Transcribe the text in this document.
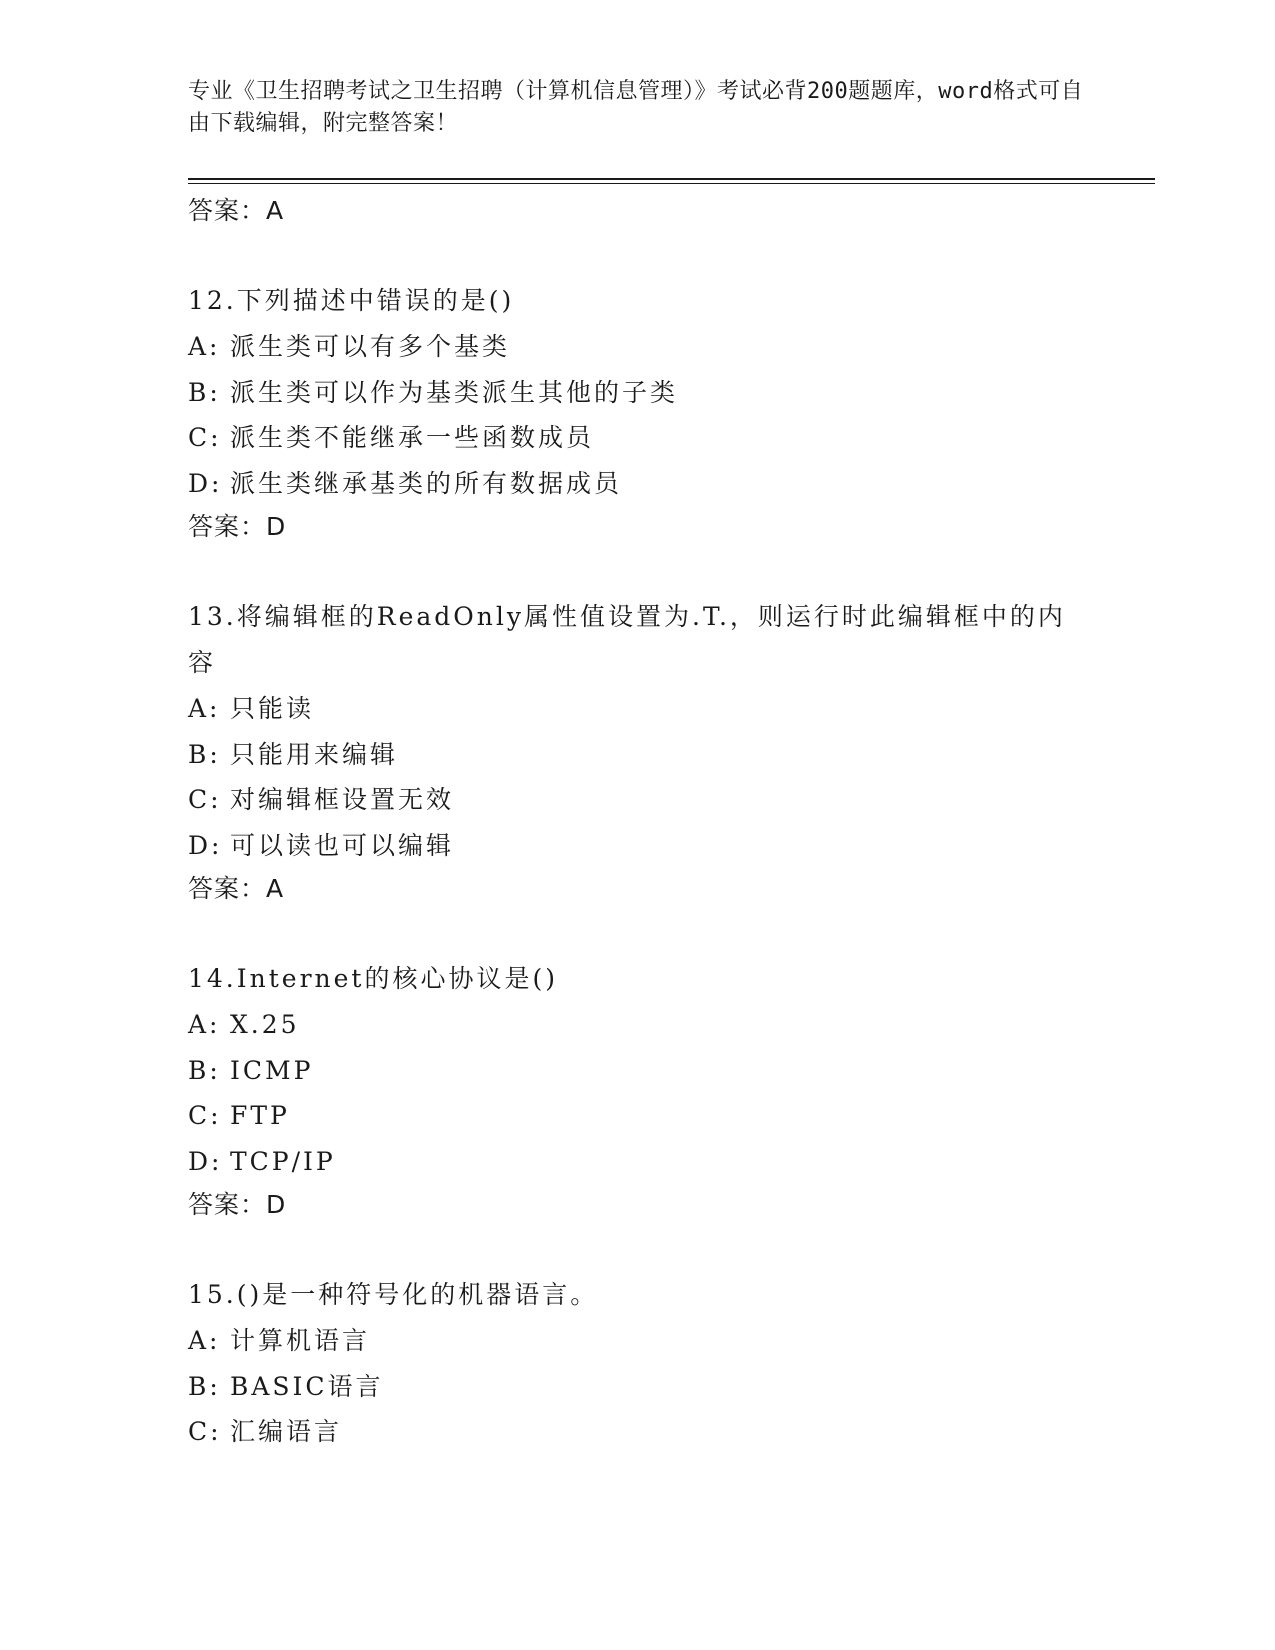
专业《卫生招聘考试之卫生招聘（计算机信息管理）》考试必背200题题库，word格式可自由下载编辑，附完整答案！

答案：A

12.下列描述中错误的是()

A: 派生类可以有多个基类

B: 派生类可以作为基类派生其他的子类

C: 派生类不能继承一些函数成员

D: 派生类继承基类的所有数据成员

答案：D

13.将编辑框的ReadOnly属性值设置为.T.，则运行时此编辑框中的内容

A: 只能读

B: 只能用来编辑

C: 对编辑框设置无效

D: 可以读也可以编辑

答案：A

14.Internet的核心协议是()

A: X.25

B: ICMP

C: FTP

D: TCP/IP

答案：D

15.()是一种符号化的机器语言。

A: 计算机语言

B: BASIC语言

C: 汇编语言
